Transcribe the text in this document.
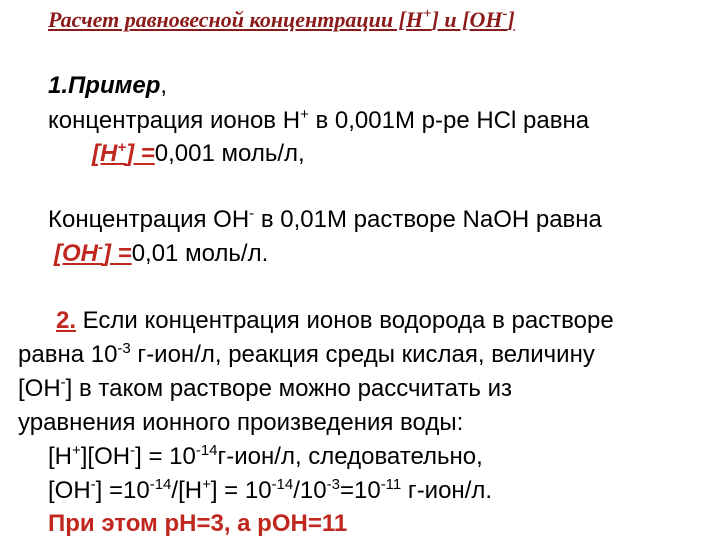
Расчет равновесной концентрации [H+] и [OH-]
1.Пример,
концентрация ионов Н+ в 0,001М р-ре HCl равна
[H+] =0,001 моль/л,
Концентрация ОН- в 0,01М растворе NaOH равна
[OH-] =0,01 моль/л.
2. Если концентрация ионов водорода в растворе
равна $10^{-3}$ г-ион/л, реакция среды кислая, величину
[OH-] в таком растворе можно рассчитать из
уравнения ионного произведения воды:
$[H^+][OH^-] = 10^{-14}г-ион/л$, следовательно,
$[OH^-] =10^{-14}/[H^+] = 10^{-14}/10^{-3}=10^{-11}$ г-ион/л.
При этом рН=3, а рОН=11
